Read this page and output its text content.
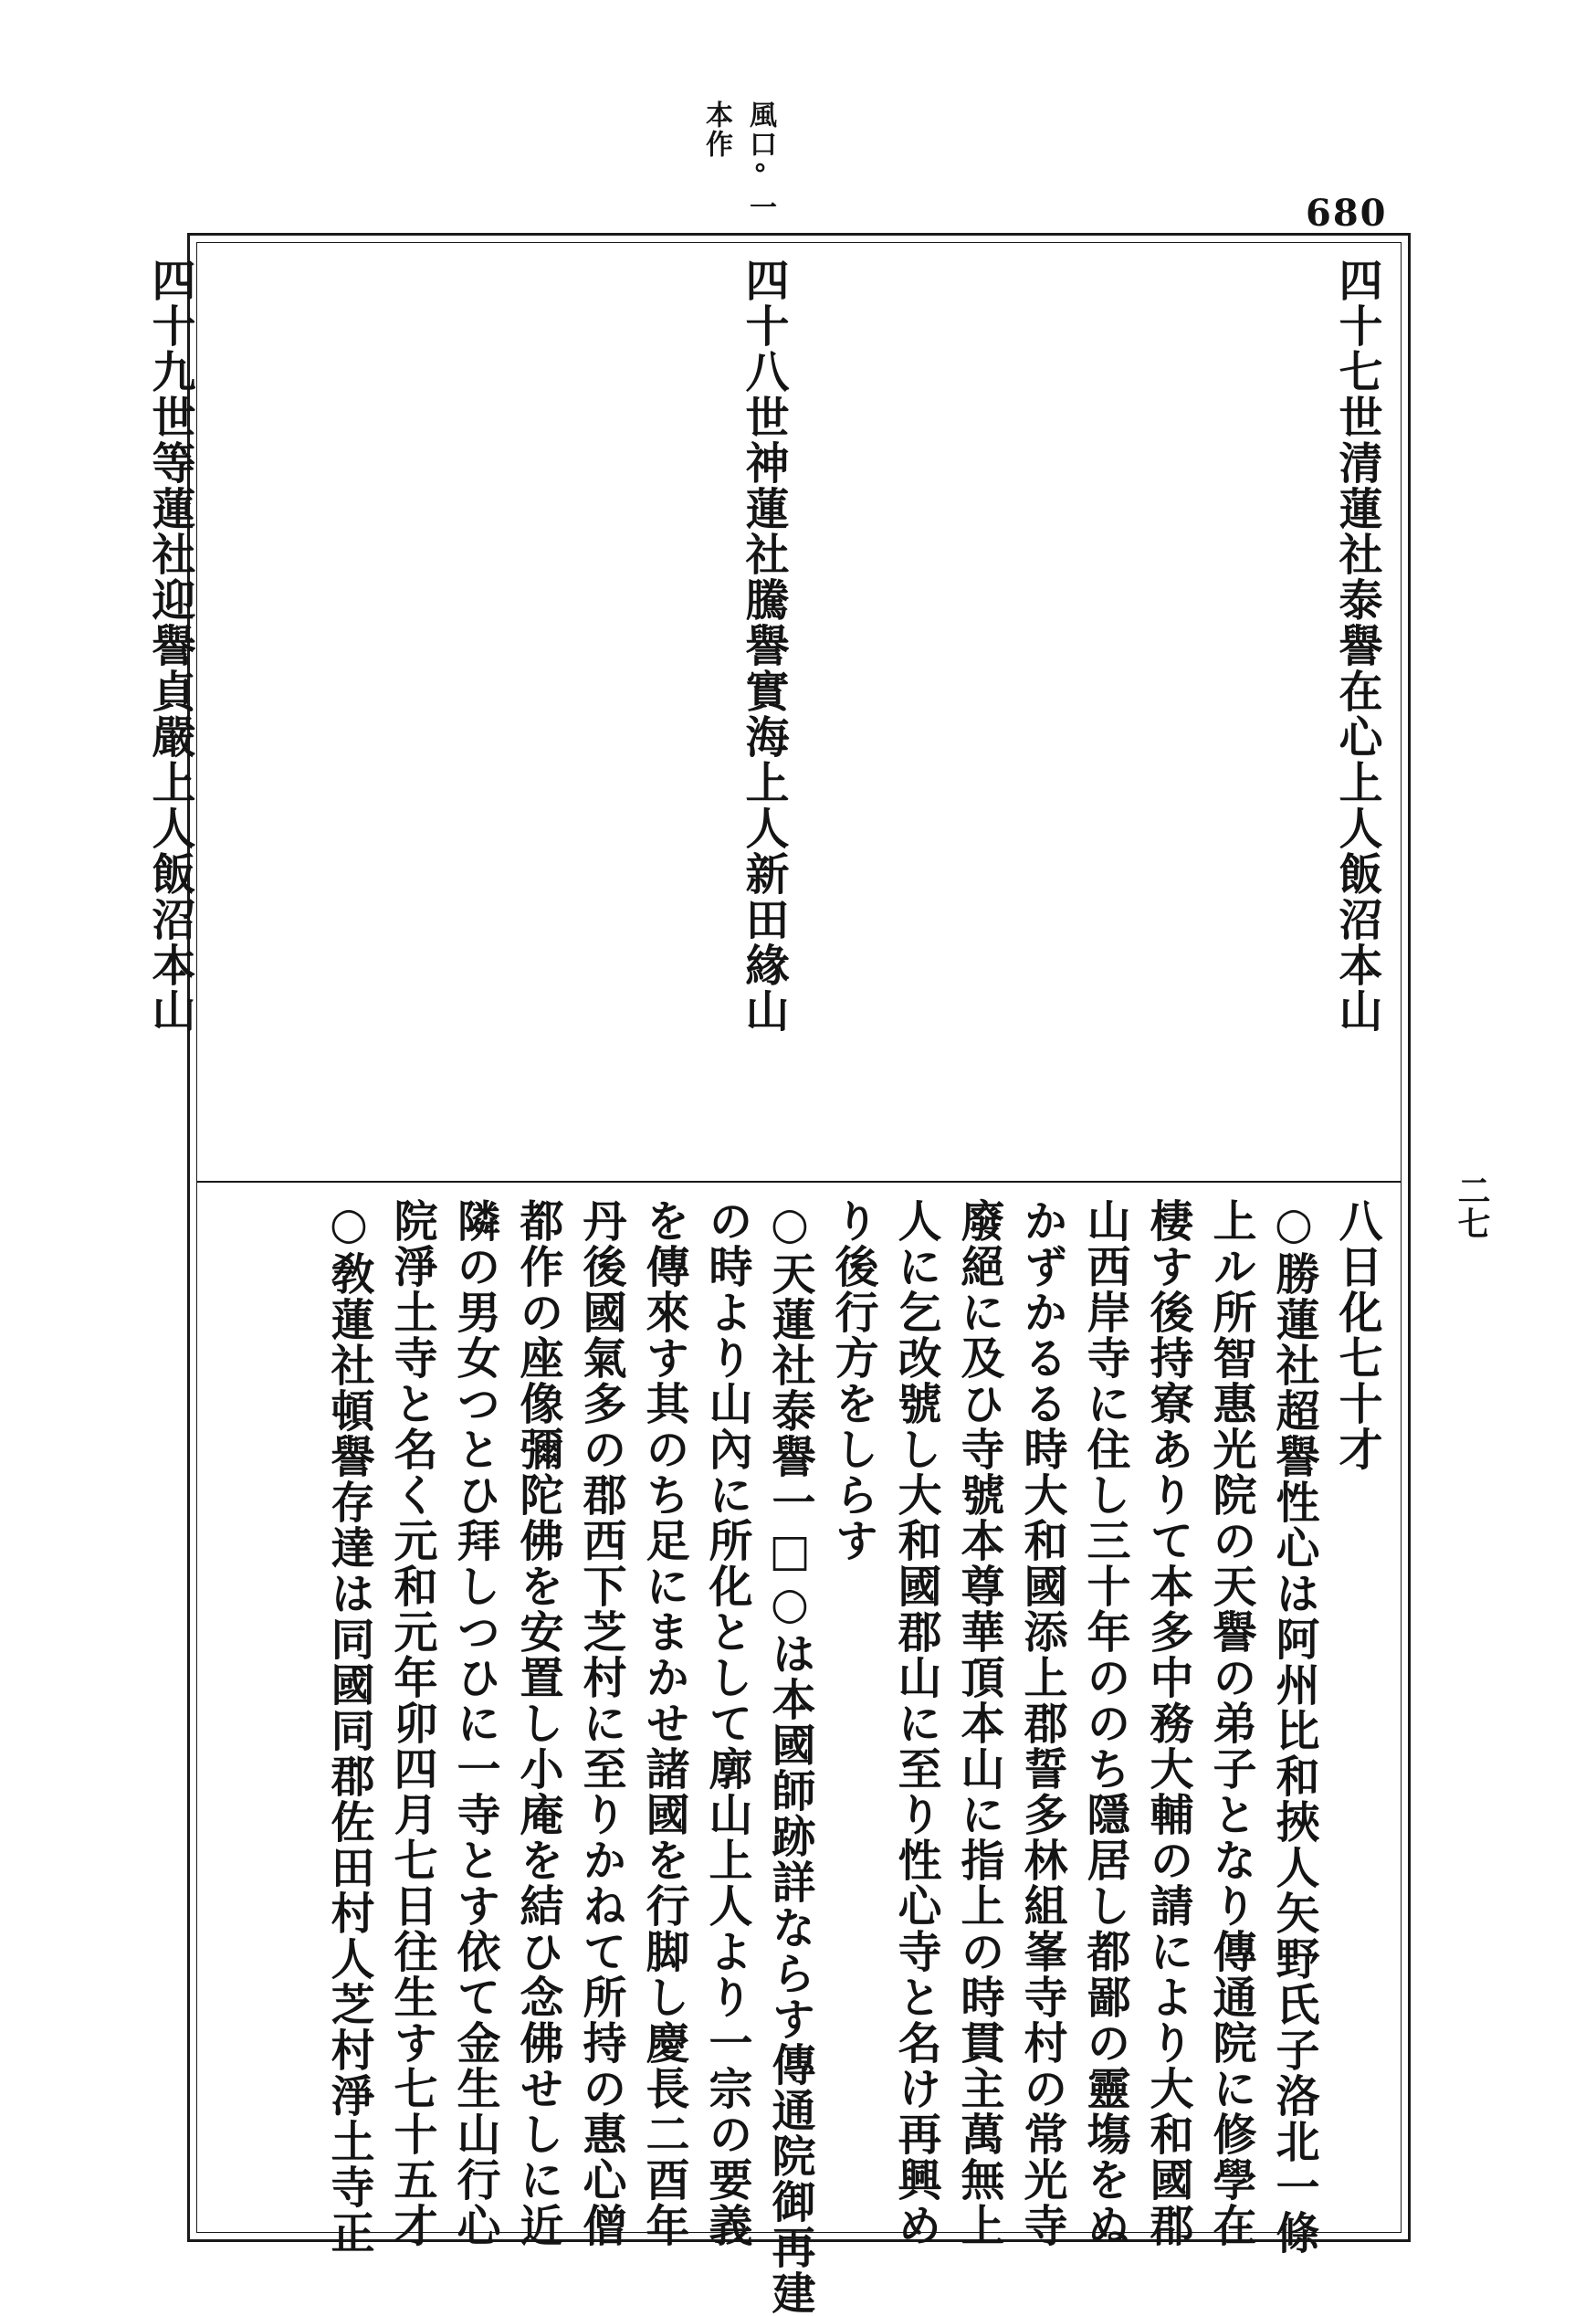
風口°一本作
680
四十七世清蓮社泰譽在心上人飯沼本山
四十八世神蓮社騰譽實海上人新田緣山
四十九世等蓮社迎譽貞嚴上人飯沼本山
八日化七十才
○勝蓮社超譽性心は阿州比和挾人矢野氏子洛北一條
上ル所智惠光院の天譽の弟子となり傳通院に修學在
棲す後持寮ありて本多中務大輔の請により大和國郡
山西岸寺に住し三十年ののち隱居し都鄙の靈塲をぬ
かずかるる時大和國添上郡誓多林組峯寺村の常光寺
廢絕に及ひ寺號本尊華頂本山に指上の時貫主萬無上
人に乞改號し大和國郡山に至り性心寺と名け再興め
り後行方をしらす
○天蓮社泰譽一□○は本國師跡詳ならす傳通院御再建
の時より山內に所化として廓山上人より一宗の要義
を傳來す其のち足にまかせ諸國を行脚し慶長二酉年
丹後國氣多の郡西下芝村に至りかねて所持の惠心僧
都作の座像彌陀佛を安置し小庵を結ひ念佛せしに近
隣の男女つとひ拜しつひに一寺とす依て金生山行心
院淨土寺と名く元和元年卯四月七日往生す七十五才
○敎蓮社頓譽存達は同國同郡佐田村人芝村淨土寺正	二七
